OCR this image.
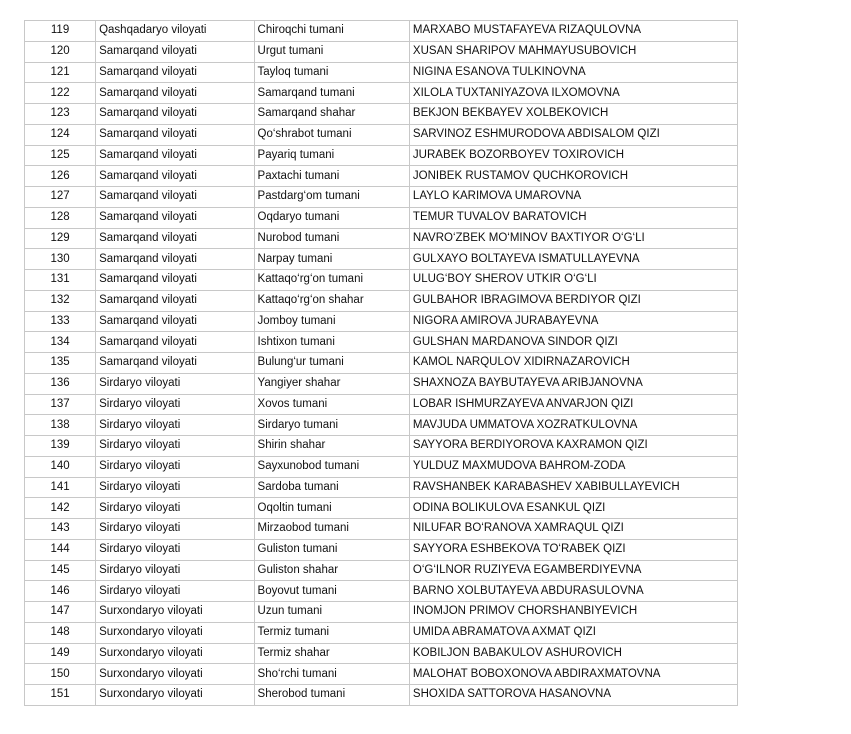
119	Qashqadaryo viloyati	Chiroqchi tumani	MARXABO MUSTAFAYEVA RIZAQULOVNA
120	Samarqand viloyati	Urgut tumani	XUSAN SHARIPOV MAHMAYUSUBOVICH
121	Samarqand viloyati	Tayloq tumani	NIGINA ESANOVA TULKINOVNA
122	Samarqand viloyati	Samarqand tumani	XILOLA TUXTANIYAZOVA ILXOMOVNA
123	Samarqand viloyati	Samarqand shahar	BEKJON BEKBAYEV XOLBEKOVICH
124	Samarqand viloyati	Qo‘shrabot tumani	SARVINOZ ESHMURODOVA ABDISALOM QIZI
125	Samarqand viloyati	Payariq tumani	JURABEK BOZORBOYEV TOXIROVICH
126	Samarqand viloyati	Paxtachi tumani	JONIBEK RUSTAMOV QUCHKOROVICH
127	Samarqand viloyati	Pastdarg‘om tumani	LAYLO KARIMOVA UMAROVNA
128	Samarqand viloyati	Oqdaryo tumani	TEMUR TUVALOV BARATOVICH
129	Samarqand viloyati	Nurobod tumani	NAVRO‘ZBEK MO‘MINOV BAXTIYOR O‘G‘LI
130	Samarqand viloyati	Narpay tumani	GULXAYO BOLTAYEVA ISMATULLAYEVNA
131	Samarqand viloyati	Kattaqo‘rg‘on tumani	ULUG‘BOY SHEROV UTKIR O‘G‘LI
132	Samarqand viloyati	Kattaqo‘rg‘on shahar	GULBAHOR IBRAGIMOVA BERDIYOR QIZI
133	Samarqand viloyati	Jomboy tumani	NIGORA AMIROVA JURABAYEVNA
134	Samarqand viloyati	Ishtixon tumani	GULSHAN MARDANOVA SINDOR QIZI
135	Samarqand viloyati	Bulung‘ur tumani	KAMOL NARQULOV XIDIRNAZAROVICH
136	Sirdaryo viloyati	Yangiyer shahar	SHAXNOZA BAYBUTAYEVA ARIBJANOVNA
137	Sirdaryo viloyati	Xovos tumani	LOBAR ISHMURZAYEVA ANVARJON QIZI
138	Sirdaryo viloyati	Sirdaryo tumani	MAVJUDA UMMATOVA XOZRATKULOVNA
139	Sirdaryo viloyati	Shirin shahar	SAYYORA BERDIYOROVA KAXRAMON QIZI
140	Sirdaryo viloyati	Sayxunobod tumani	YULDUZ MAXMUDOVA BAHROM-ZODA
141	Sirdaryo viloyati	Sardoba tumani	RAVSHANBEK KARABASHEV XABIBULLAYEVICH
142	Sirdaryo viloyati	Oqoltin tumani	ODINA BOLIKULOVA ESANKUL QIZI
143	Sirdaryo viloyati	Mirzaobod tumani	NILUFAR BO‘RANOVA XAMRAQUL QIZI
144	Sirdaryo viloyati	Guliston tumani	SAYYORA ESHBEKOVA TO‘RABEK QIZI
145	Sirdaryo viloyati	Guliston shahar	O‘G‘ILNOR RUZIYEVA EGAMBERDIYEVNA
146	Sirdaryo viloyati	Boyovut tumani	BARNO XOLBUTAYEVA ABDURASULOVNA
147	Surxondaryo viloyati	Uzun tumani	INOMJON PRIMOV CHORSHANBIYEVICH
148	Surxondaryo viloyati	Termiz tumani	UMIDA ABRAMATOVA AXMAT QIZI
149	Surxondaryo viloyati	Termiz shahar	KOBILJON BABAKULOV ASHUROVICH
150	Surxondaryo viloyati	Sho‘rchi tumani	MALOHAT BOBOXONOVA ABDIRAXMATOVNA
151	Surxondaryo viloyati	Sherobod tumani	SHOXIDA SATTOROVA HASANOVNA
